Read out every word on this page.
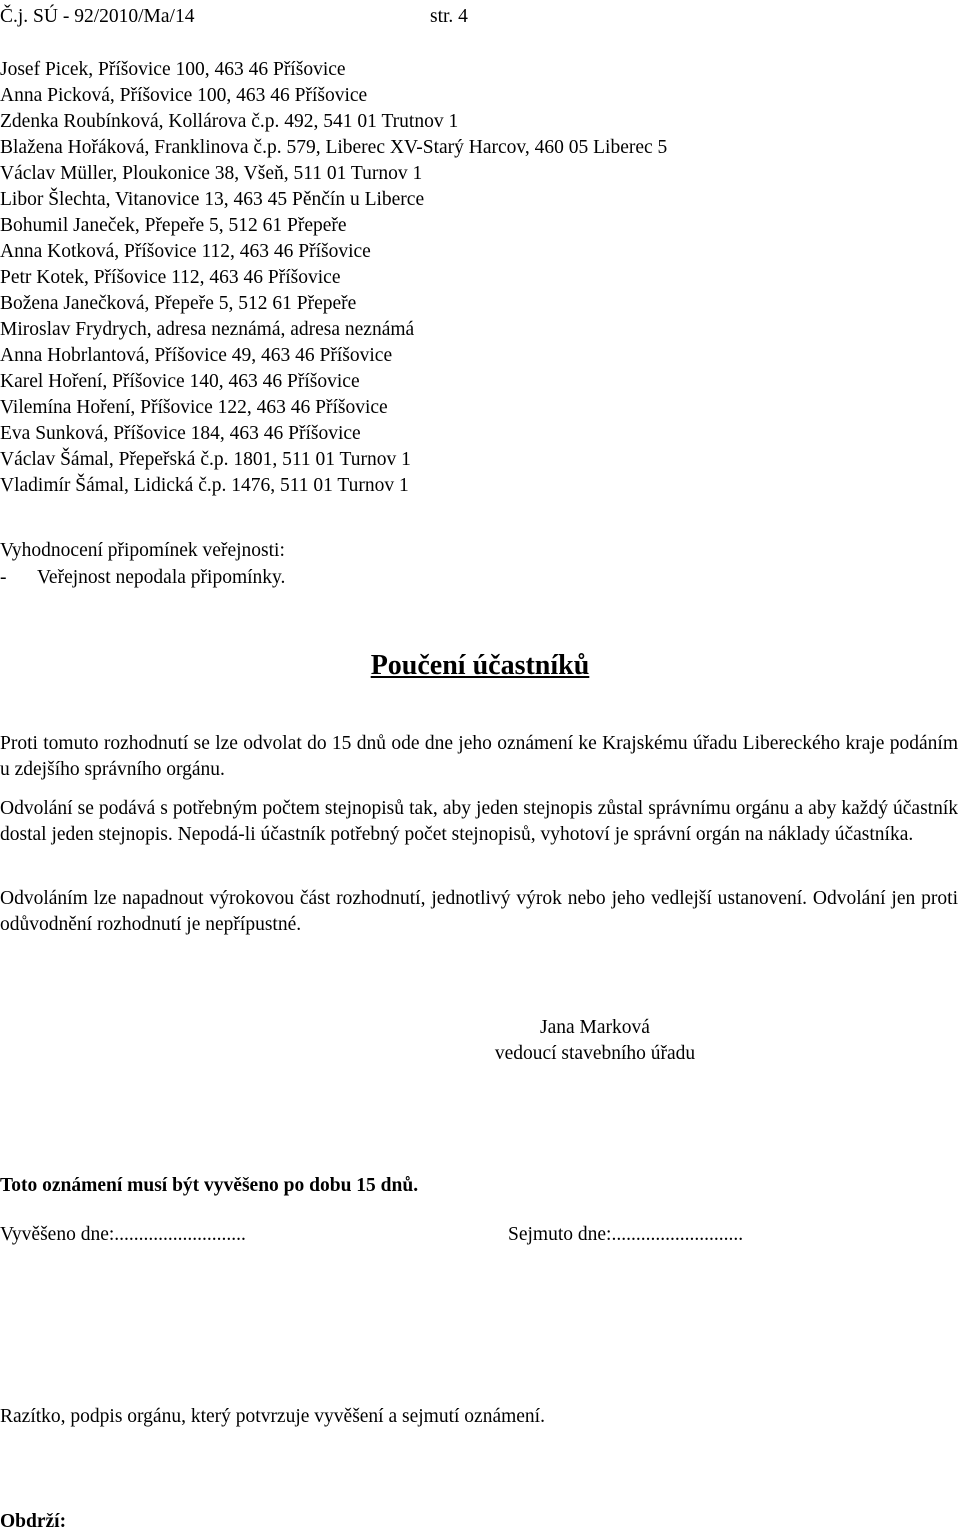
Č.j. SÚ - 92/2010/Ma/14	str. 4
Josef Picek, Příšovice 100, 463 46 Příšovice
Anna Picková, Příšovice 100, 463 46 Příšovice
Zdenka Roubínková, Kollárova č.p. 492, 541 01 Trutnov 1
Blažena Hořáková, Franklinova č.p. 579, Liberec XV-Starý Harcov, 460 05 Liberec 5
Václav Müller, Ploukonice 38, Všeň, 511 01 Turnov 1
Libor Šlechta, Vitanovice 13, 463 45 Pěnčín u Liberce
Bohumil Janeček, Přepeře 5, 512 61 Přepeře
Anna Kotková, Příšovice 112, 463 46 Příšovice
Petr Kotek, Příšovice 112, 463 46 Příšovice
Božena Janečková, Přepeře 5, 512 61 Přepeře
Miroslav Frydrych, adresa neznámá, adresa neznámá
Anna Hobrlantová, Příšovice 49, 463 46 Příšovice
Karel Hoření, Příšovice 140, 463 46 Příšovice
Vilemína Hoření, Příšovice 122, 463 46 Příšovice
Eva Sunková, Příšovice 184, 463 46 Příšovice
Václav Šámal, Přepeřská č.p. 1801, 511 01 Turnov 1
Vladimír Šámal, Lidická č.p. 1476, 511 01 Turnov 1
Vyhodnocení připomínek veřejnosti:
- Veřejnost nepodala připomínky.
Poučení účastníků

Proti tomuto rozhodnutí se lze odvolat do 15 dnů ode dne jeho oznámení ke Krajskému úřadu Libereckého kraje podáním u zdejšího správního orgánu.

Odvolání se podává s potřebným počtem stejnopisů tak, aby jeden stejnopis zůstal správnímu orgánu a aby každý účastník dostal jeden stejnopis. Nepodá-li účastník potřebný počet stejnopisů, vyhotoví je správní orgán na náklady účastníka.

Odvoláním lze napadnout výrokovou část rozhodnutí, jednotlivý výrok nebo jeho vedlejší ustanovení. Odvolání jen proti odůvodnění rozhodnutí je nepřípustné.

Jana Marková
vedoucí stavebního úřadu
Toto oznámení musí být vyvěšeno po dobu 15 dnů.
Vyvěšeno dne:...........................	Sejmuto dne:...........................
Razítko, podpis orgánu, který potvrzuje vyvěšení a sejmutí oznámení.
Obdrží:
